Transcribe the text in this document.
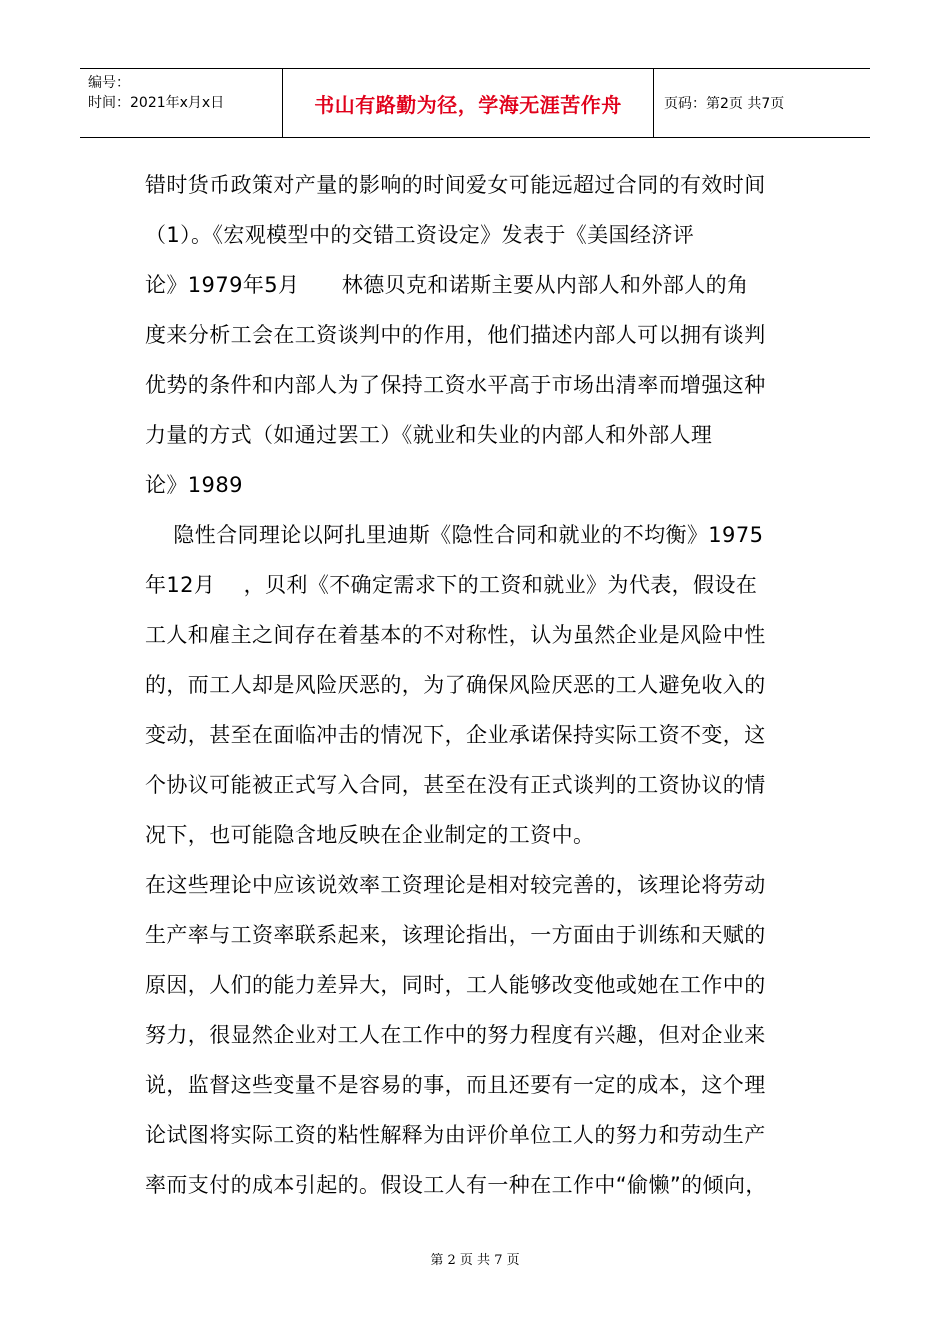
编号：
时间：2021年x月x日	书山有路勤为径，学海无涯苦作舟	页码：第2页 共7页
错时货币政策对产量的影响的时间爱女可能远超过合同的有效时间
（1）。《宏观模型中的交错工资设定》发表于《美国经济评
论》1979年5月      林德贝克和诺斯主要从内部人和外部人的角
度来分析工会在工资谈判中的作用，他们描述内部人可以拥有谈判
优势的条件和内部人为了保持工资水平高于市场出清率而增强这种
力量的方式（如通过罢工）《就业和失业的内部人和外部人理
论》1989
隐性合同理论以阿扎里迪斯《隐性合同和就业的不均衡》1975
年12月    ，贝利《不确定需求下的工资和就业》为代表，假设在
工人和雇主之间存在着基本的不对称性，认为虽然企业是风险中性
的，而工人却是风险厌恶的，为了确保风险厌恶的工人避免收入的
变动，甚至在面临冲击的情况下，企业承诺保持实际工资不变，这
个协议可能被正式写入合同，甚至在没有正式谈判的工资协议的情
况下，也可能隐含地反映在企业制定的工资中。
在这些理论中应该说效率工资理论是相对较完善的，该理论将劳动
生产率与工资率联系起来，该理论指出，一方面由于训练和天赋的
原因，人们的能力差异大，同时，工人能够改变他或她在工作中的
努力，很显然企业对工人在工作中的努力程度有兴趣，但对企业来
说，监督这些变量不是容易的事，而且还要有一定的成本，这个理
论试图将实际工资的粘性解释为由评价单位工人的努力和劳动生产
率而支付的成本引起的。假设工人有一种在工作中“偷懒”的倾向，
第 2 页 共 7 页
